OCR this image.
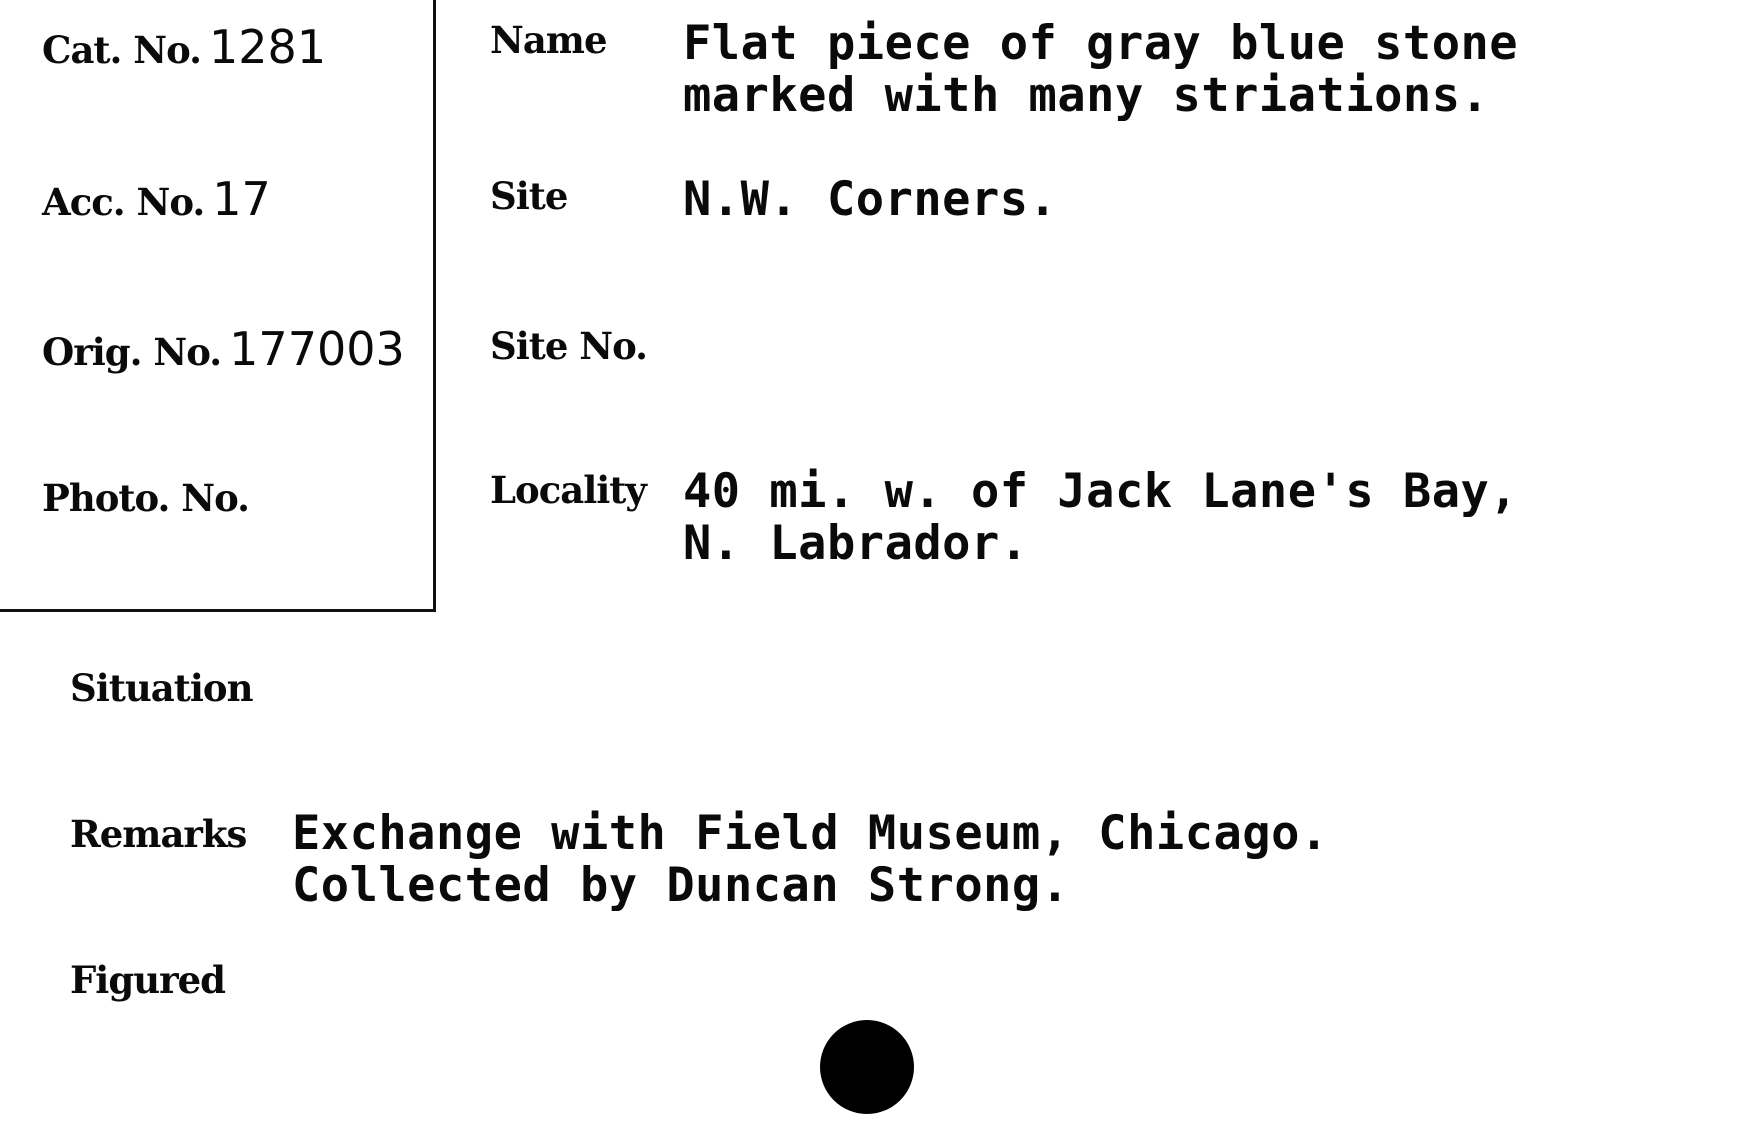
Cat. No. 1281
Acc. No. 17
Orig. No. 177003
Photo. No.
Name
Site
Site No.
Locality
Flat piece of gray blue stone
marked with many striations.
N.W. Corners.
40 mi. w. of Jack Lane's Bay,
N. Labrador.
Situation
Remarks Exchange with Field Museum, Chicago.
Collected by Duncan Strong.
Figured
